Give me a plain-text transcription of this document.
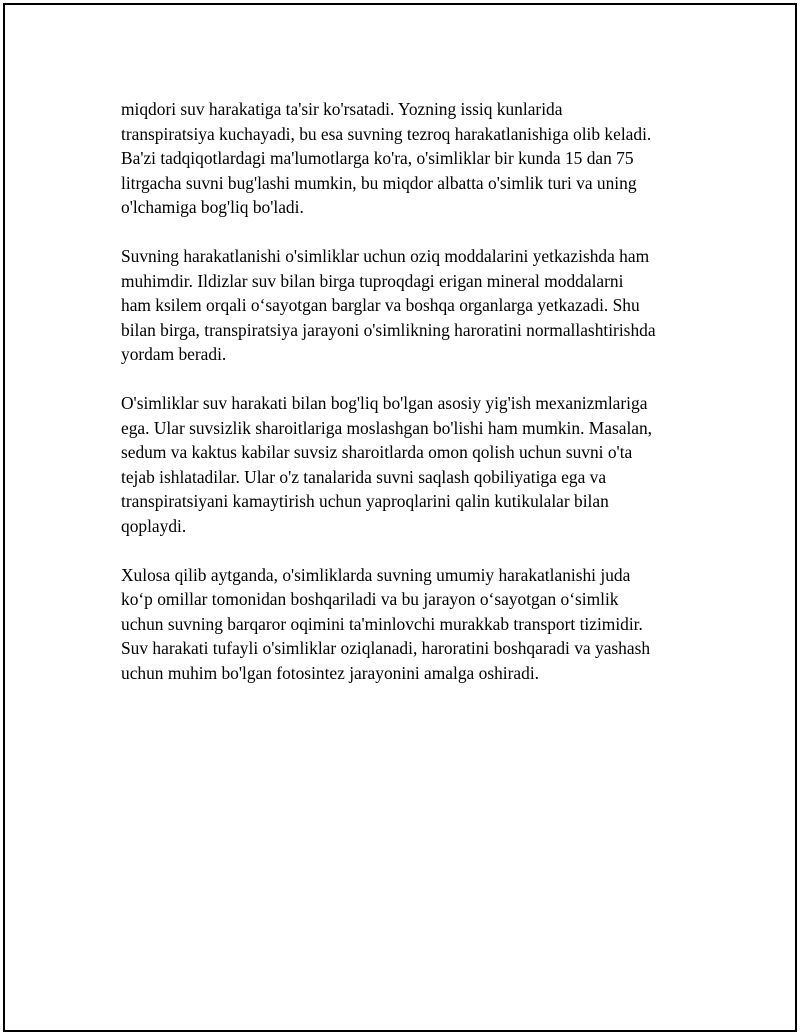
miqdori suv harakatiga ta'sir ko'rsatadi. Yozning issiq kunlarida
transpiratsiya kuchayadi, bu esa suvning tezroq harakatlanishiga olib keladi.
Ba'zi tadqiqotlardagi ma'lumotlarga ko'ra, o'simliklar bir kunda 15 dan 75
litrgacha suvni bug'lashi mumkin, bu miqdor albatta o'simlik turi va uning
o'lchamiga bog'liq bo'ladi.

Suvning harakatlanishi o'simliklar uchun oziq moddalarini yetkazishda ham
muhimdir. Ildizlar suv bilan birga tuproqdagi erigan mineral moddalarni
ham ksilem orqali o‘sayotgan barglar va boshqa organlarga yetkazadi. Shu
bilan birga, transpiratsiya jarayoni o'simlikning haroratini normallashtirishda
yordam beradi.

O'simliklar suv harakati bilan bog'liq bo'lgan asosiy yig'ish mexanizmlariga
ega. Ular suvsizlik sharoitlariga moslashgan bo'lishi ham mumkin. Masalan,
sedum va kaktus kabilar suvsiz sharoitlarda omon qolish uchun suvni o'ta
tejab ishlatadilar. Ular o'z tanalarida suvni saqlash qobiliyatiga ega va
transpiratsiyani kamaytirish uchun yaproqlarini qalin kutikulalar bilan
qoplaydi.

Xulosa qilib aytganda, o'simliklarda suvning umumiy harakatlanishi juda
ko‘p omillar tomonidan boshqariladi va bu jarayon o‘sayotgan o‘simlik
uchun suvning barqaror oqimini ta'minlovchi murakkab transport tizimidir.
Suv harakati tufayli o'simliklar oziqlanadi, haroratini boshqaradi va yashash
uchun muhim bo'lgan fotosintez jarayonini amalga oshiradi.
